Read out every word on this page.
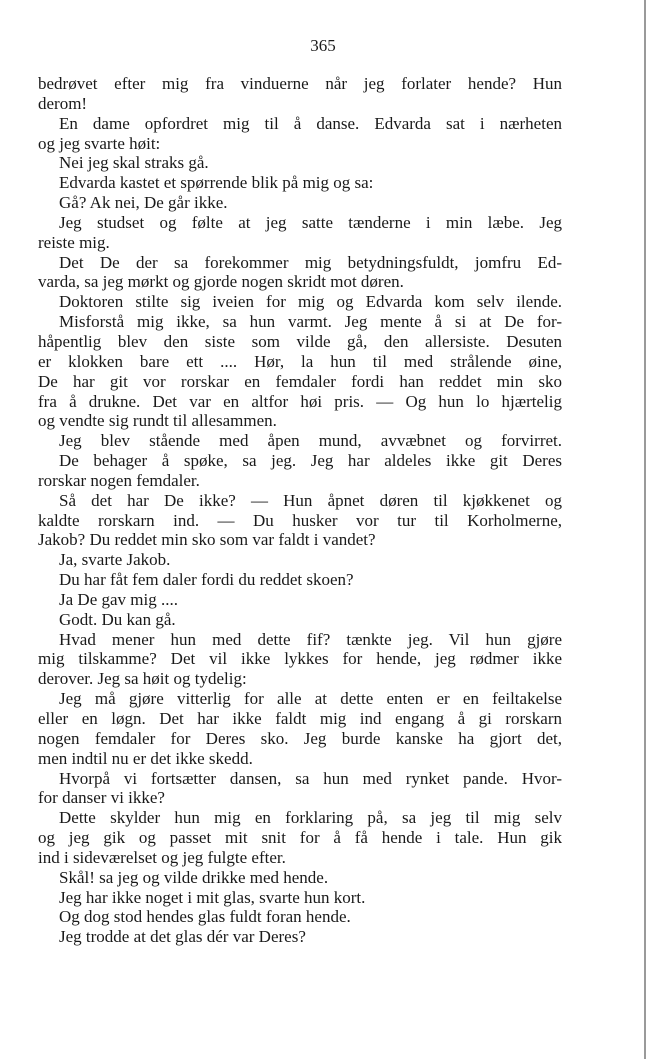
365
bedrøvet efter mig fra vinduerne når jeg forlater hende? Hun
derom!
En dame opfordret mig til å danse. Edvarda sat i nærheten
og jeg svarte høit:
Nei jeg skal straks gå.
Edvarda kastet et spørrende blik på mig og sa:
Gå? Ak nei, De går ikke.
Jeg studset og følte at jeg satte tænderne i min læbe. Jeg
reiste mig.
Det De der sa forekommer mig betydningsfuldt, jomfru Ed-
varda, sa jeg mørkt og gjorde nogen skridt mot døren.
Doktoren stilte sig iveien for mig og Edvarda kom selv ilende.
Misforstå mig ikke, sa hun varmt. Jeg mente å si at De for-
håpentlig blev den siste som vilde gå, den allersiste. Desuten
er klokken bare ett .... Hør, la hun til med strålende øine,
De har git vor rorskar en femdaler fordi han reddet min sko
fra å drukne. Det var en altfor høi pris. — Og hun lo hjærtelig
og vendte sig rundt til allesammen.
Jeg blev stående med åpen mund, avvæbnet og forvirret.
De behager å spøke, sa jeg. Jeg har aldeles ikke git Deres
rorskar nogen femdaler.
Så det har De ikke? — Hun åpnet døren til kjøkkenet og
kaldte rorskarn ind. — Du husker vor tur til Korholmerne,
Jakob? Du reddet min sko som var faldt i vandet?
Ja, svarte Jakob.
Du har fåt fem daler fordi du reddet skoen?
Ja De gav mig ....
Godt. Du kan gå.
Hvad mener hun med dette fif? tænkte jeg. Vil hun gjøre
mig tilskamme? Det vil ikke lykkes for hende, jeg rødmer ikke
derover. Jeg sa høit og tydelig:
Jeg må gjøre vitterlig for alle at dette enten er en feiltakelse
eller en løgn. Det har ikke faldt mig ind engang å gi rorskarn
nogen femdaler for Deres sko. Jeg burde kanske ha gjort det,
men indtil nu er det ikke skedd.
Hvorpå vi fortsætter dansen, sa hun med rynket pande. Hvor-
for danser vi ikke?
Dette skylder hun mig en forklaring på, sa jeg til mig selv
og jeg gik og passet mit snit for å få hende i tale. Hun gik
ind i sideværelset og jeg fulgte efter.
Skål! sa jeg og vilde drikke med hende.
Jeg har ikke noget i mit glas, svarte hun kort.
Og dog stod hendes glas fuldt foran hende.
Jeg trodde at det glas dér var Deres?
